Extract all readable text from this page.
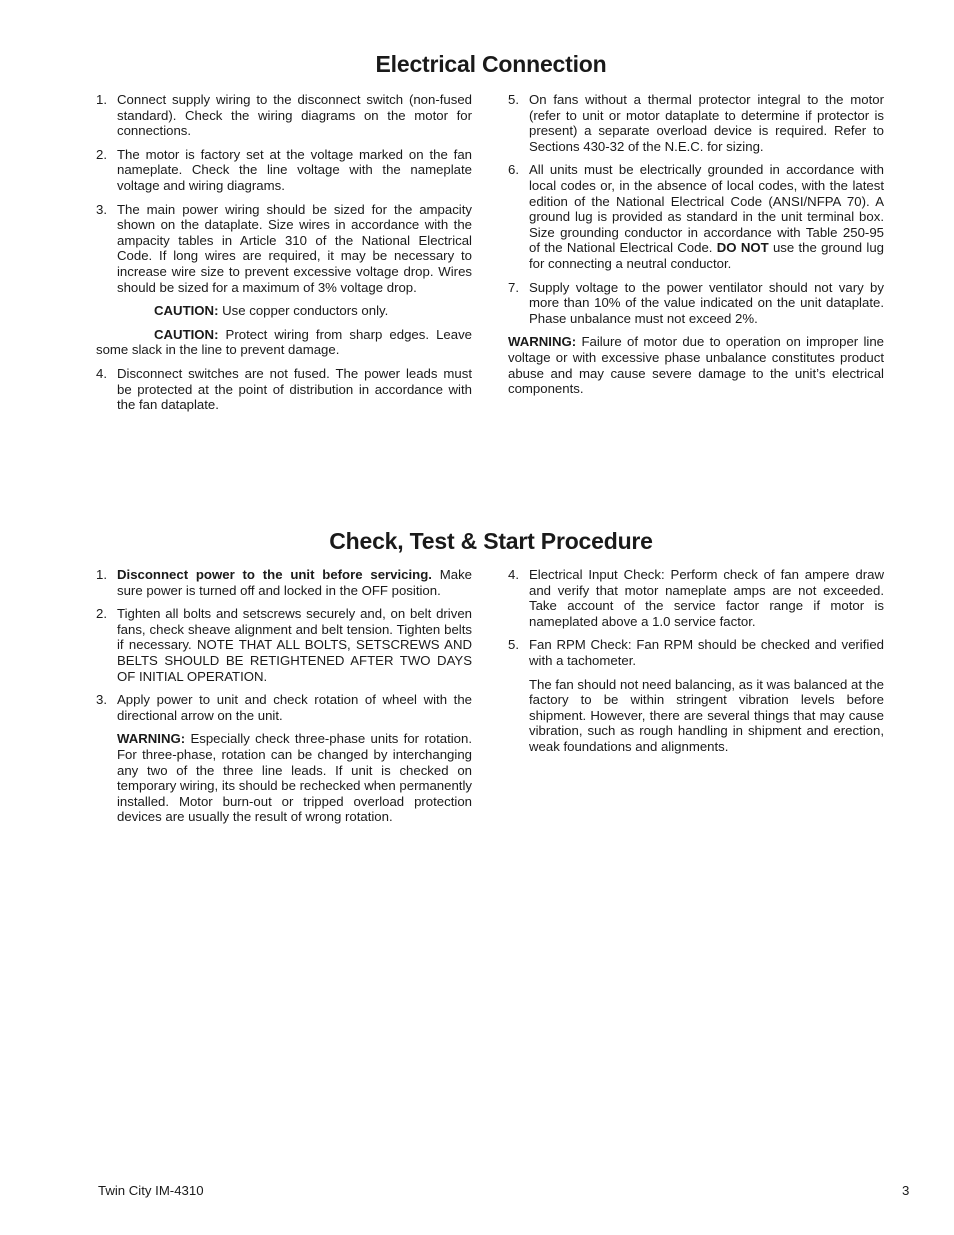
Electrical Connection
1. Connect supply wiring to the disconnect switch (non-fused standard). Check the wiring diagrams on the motor for connections.
2. The motor is factory set at the voltage marked on the fan nameplate. Check the line voltage with the nameplate voltage and wiring diagrams.
3. The main power wiring should be sized for the ampacity shown on the dataplate. Size wires in accordance with the ampacity tables in Article 310 of the National Electrical Code. If long wires are required, it may be necessary to increase wire size to prevent excessive voltage drop. Wires should be sized for a maximum of 3% voltage drop.

CAUTION: Use copper conductors only.

CAUTION: Protect wiring from sharp edges. Leave some slack in the line to prevent damage.

4. Disconnect switches are not fused. The power leads must be protected at the point of distribution in accordance with the fan dataplate.
5. On fans without a thermal protector integral to the motor (refer to unit or motor dataplate to determine if protector is present) a separate overload device is required. Refer to Sections 430-32 of the N.E.C. for sizing.
6. All units must be electrically grounded in accordance with local codes or, in the absence of local codes, with the latest edition of the National Electrical Code (ANSI/NFPA 70). A ground lug is provided as standard in the unit terminal box. Size grounding conductor in accordance with Table 250-95 of the National Electrical Code. DO NOT use the ground lug for connecting a neutral conductor.
7. Supply voltage to the power ventilator should not vary by more than 10% of the value indicated on the unit dataplate. Phase unbalance must not exceed 2%.

WARNING: Failure of motor due to operation on improper line voltage or with excessive phase unbalance constitutes product abuse and may cause severe damage to the unit’s electrical components.

Check, Test & Start Procedure
1. Disconnect power to the unit before servicing. Make sure power is turned off and locked in the OFF position.
2. Tighten all bolts and setscrews securely and, on belt driven fans, check sheave alignment and belt tension. Tighten belts if necessary. NOTE THAT ALL BOLTS, SETSCREWS AND BELTS SHOULD BE RETIGHTENED AFTER TWO DAYS OF INITIAL OPERATION.
3. Apply power to unit and check rotation of wheel with the directional arrow on the unit.

WARNING: Especially check three-phase units for rotation. For three-phase, rotation can be changed by interchanging any two of the three line leads. If unit is checked on temporary wiring, its should be rechecked when permanently installed. Motor burn-out or tripped overload protection devices are usually the result of wrong rotation.

4. Electrical Input Check: Perform check of fan ampere draw and verify that motor nameplate amps are not exceeded. Take account of the service factor range if motor is nameplated above a 1.0 service factor.
5. Fan RPM Check: Fan RPM should be checked and verified with a tachometer.

The fan should not need balancing, as it was balanced at the factory to be within stringent vibration levels before shipment. However, there are several things that may cause vibration, such as rough handling in shipment and erection, weak foundations and alignments.

Twin City IM-4310	3
